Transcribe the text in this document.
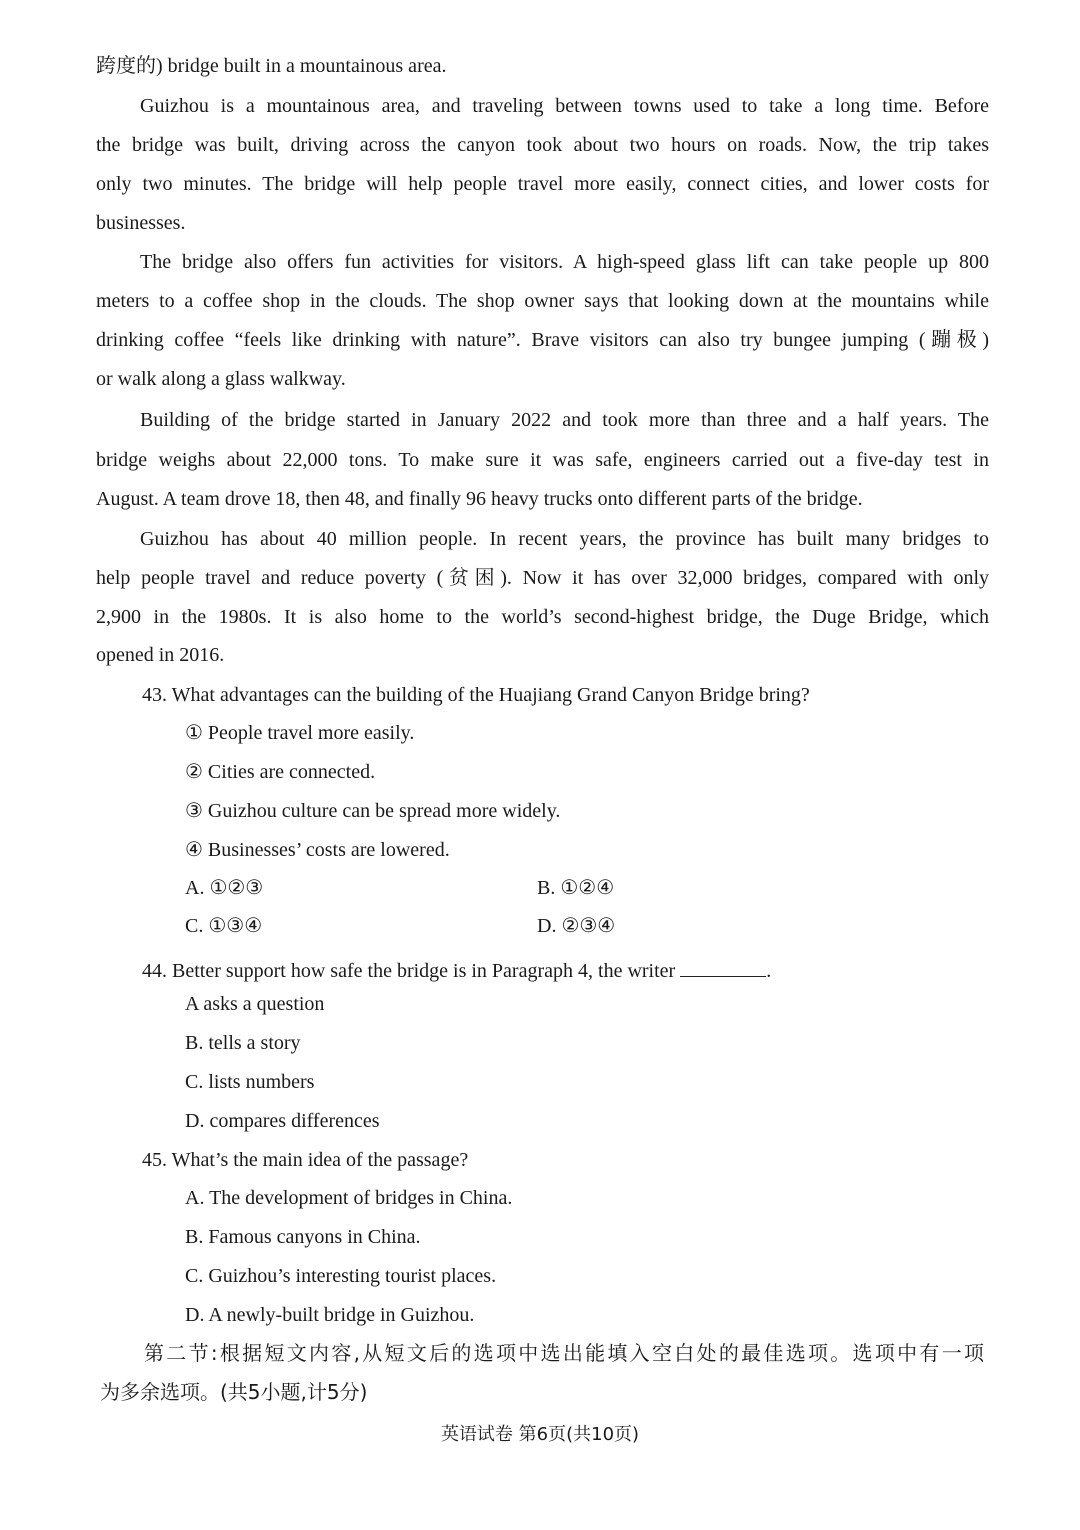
跨度的) bridge built in a mountainous area.
Guizhou is a mountainous area, and traveling between towns used to take a long time. Before
the bridge was built, driving across the canyon took about two hours on roads. Now, the trip takes
only two minutes. The bridge will help people travel more easily, connect cities, and lower costs for
businesses.
The bridge also offers fun activities for visitors. A high-speed glass lift can take people up 800
meters to a coffee shop in the clouds. The shop owner says that looking down at the mountains while
drinking coffee “feels like drinking with nature”. Brave visitors can also try bungee jumping (蹦极)
or walk along a glass walkway.
Building of the bridge started in January 2022 and took more than three and a half years. The
bridge weighs about 22,000 tons. To make sure it was safe, engineers carried out a five-day test in
August. A team drove 18, then 48, and finally 96 heavy trucks onto different parts of the bridge.
Guizhou has about 40 million people. In recent years, the province has built many bridges to
help people travel and reduce poverty (贫困). Now it has over 32,000 bridges, compared with only
2,900 in the 1980s. It is also home to the world’s second-highest bridge, the Duge Bridge, which
opened in 2016.
43. What advantages can the building of the Huajiang Grand Canyon Bridge bring?
① People travel more easily.
② Cities are connected.
③ Guizhou culture can be spread more widely.
④ Businesses’ costs are lowered.
A. ①②③	B. ①②④
C. ①③④	D. ②③④
44. Better support how safe the bridge is in Paragraph 4, the writer	.
A asks a question
B. tells a story
C. lists numbers
D. compares differences
45. What’s the main idea of the passage?
A. The development of bridges in China.
B. Famous canyons in China.
C. Guizhou’s interesting tourist places.
D. A newly-built bridge in Guizhou.
第二节:根据短文内容,从短文后的选项中选出能填入空白处的最佳选项。选项中有一项
为多余选项。(共5小题,计5分)
英语试卷 第6页(共10页)
